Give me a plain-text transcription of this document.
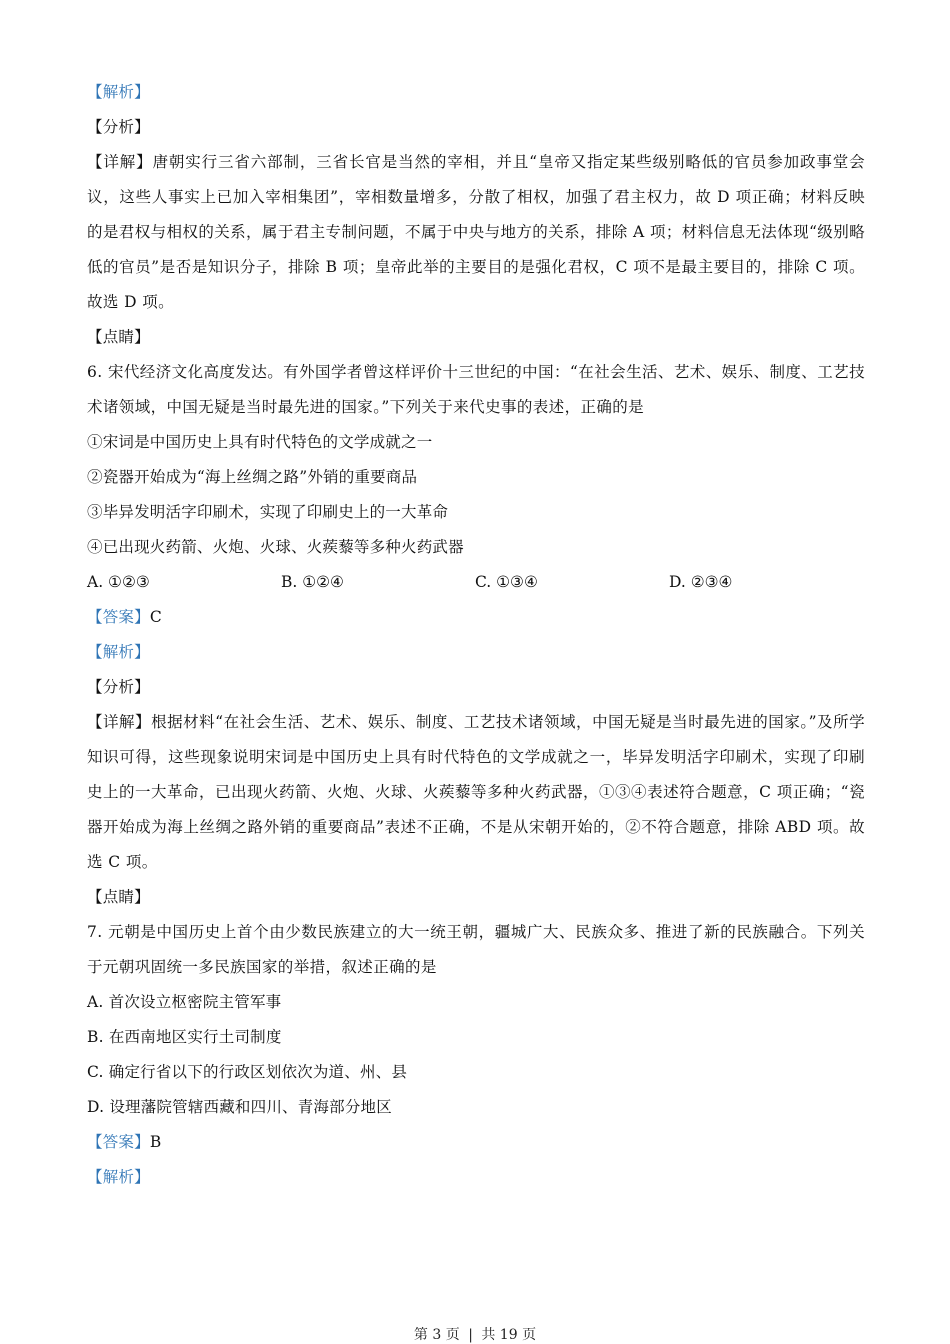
【解析】
【分析】
【详解】唐朝实行三省六部制，三省长官是当然的宰相，并且“皇帝又指定某些级别略低的官员参加政事堂会议，这些人事实上已加入宰相集团”，宰相数量增多，分散了相权，加强了君主权力，故 D 项正确；材料反映的是君权与相权的关系，属于君主专制问题，不属于中央与地方的关系，排除 A 项；材料信息无法体现“级别略低的官员”是否是知识分子，排除 B 项；皇帝此举的主要目的是强化君权，C 项不是最主要目的，排除 C 项。故选 D 项。
【点睛】
6. 宋代经济文化高度发达。有外国学者曾这样评价十三世纪的中国：“在社会生活、艺术、娱乐、制度、工艺技术诸领域，中国无疑是当时最先进的国家。”下列关于来代史事的表述，正确的是
①宋词是中国历史上具有时代特色的文学成就之一
②瓷器开始成为“海上丝绸之路”外销的重要商品
③毕异发明活字印刷术，实现了印刷史上的一大革命
④已出现火药箭、火炮、火球、火蒺藜等多种火药武器
A. ①②③	B. ①②④	C. ①③④	D. ②③④
【答案】C
【解析】
【分析】
【详解】根据材料“在社会生活、艺术、娱乐、制度、工艺技术诸领域，中国无疑是当时最先进的国家。”及所学知识可得，这些现象说明宋词是中国历史上具有时代特色的文学成就之一，毕异发明活字印刷术，实现了印刷史上的一大革命，已出现火药箭、火炮、火球、火蒺藜等多种火药武器，①③④表述符合题意，C 项正确；“瓷器开始成为海上丝绸之路外销的重要商品”表述不正确，不是从宋朝开始的，②不符合题意，排除 ABD 项。故选 C 项。
【点睛】
7. 元朝是中国历史上首个由少数民族建立的大一统王朝，疆城广大、民族众多、推进了新的民族融合。下列关于元朝巩固统一多民族国家的举措，叙述正确的是
A. 首次设立枢密院主管军事
B. 在西南地区实行土司制度
C. 确定行省以下的行政区划依次为道、州、县
D. 设理藩院管辖西藏和四川、青海部分地区
【答案】B
【解析】
第 3 页 | 共 19 页
